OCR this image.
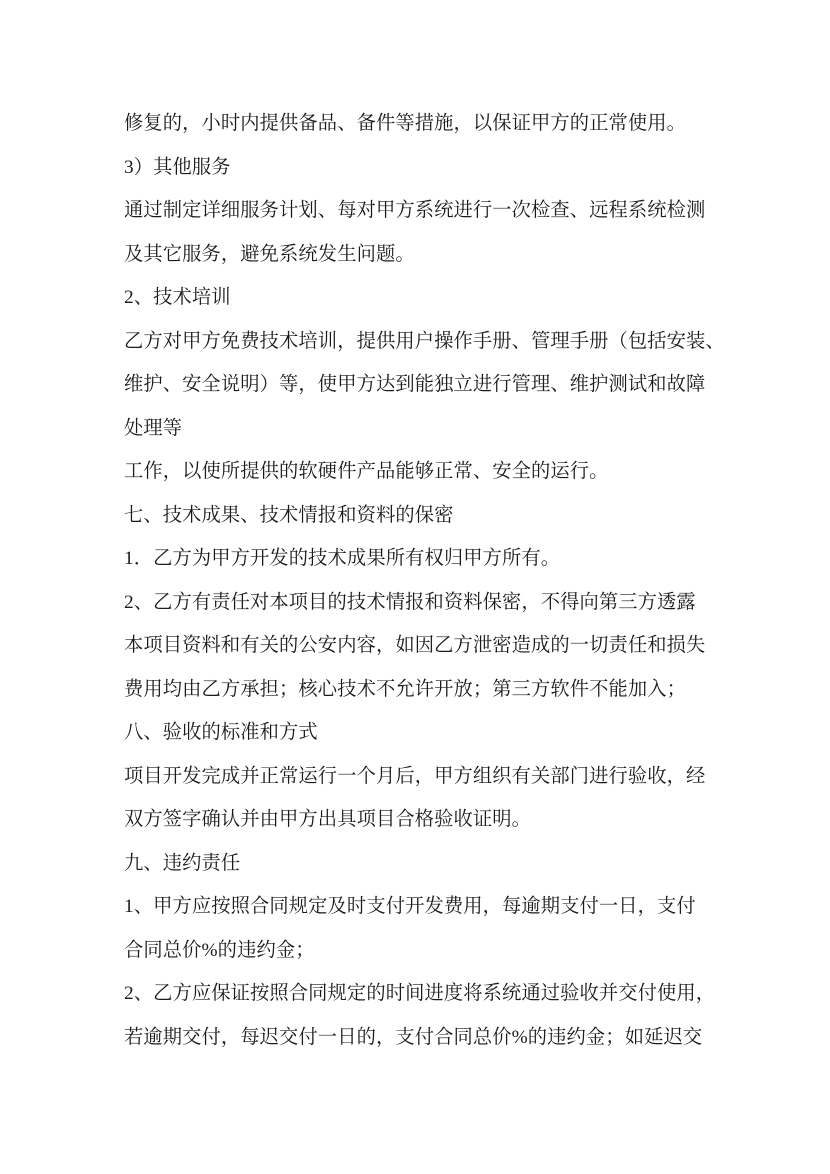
修复的，小时内提供备品、备件等措施，以保证甲方的正常使用。
3）其他服务
通过制定详细服务计划、每对甲方系统进行一次检查、远程系统检测
及其它服务，避免系统发生问题。
2、技术培训
乙方对甲方免费技术培训，提供用户操作手册、管理手册（包括安装、
维护、安全说明）等，使甲方达到能独立进行管理、维护测试和故障
处理等
工作，以使所提供的软硬件产品能够正常、安全的运行。
七、技术成果、技术情报和资料的保密
1．乙方为甲方开发的技术成果所有权归甲方所有。
2、乙方有责任对本项目的技术情报和资料保密，不得向第三方透露
本项目资料和有关的公安内容，如因乙方泄密造成的一切责任和损失
费用均由乙方承担；核心技术不允许开放；第三方软件不能加入；
八、验收的标准和方式
项目开发完成并正常运行一个月后，甲方组织有关部门进行验收，经
双方签字确认并由甲方出具项目合格验收证明。
九、违约责任
1、甲方应按照合同规定及时支付开发费用，每逾期支付一日，支付
合同总价%的违约金；
2、乙方应保证按照合同规定的时间进度将系统通过验收并交付使用，
若逾期交付，每迟交付一日的，支付合同总价%的违约金；如延迟交
